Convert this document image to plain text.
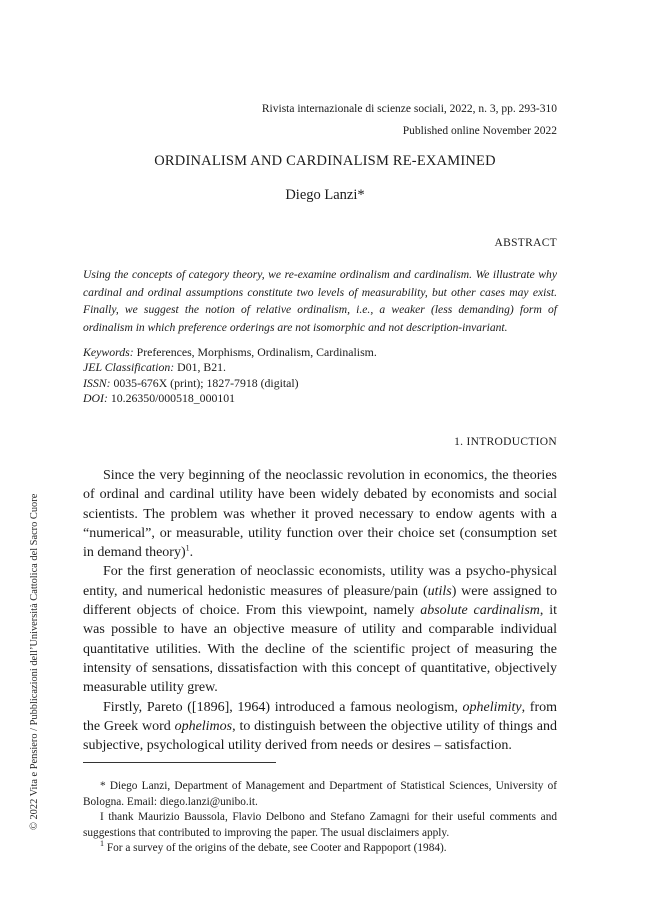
Rivista internazionale di scienze sociali, 2022, n. 3, pp. 293-310
Published online November 2022
ORDINALISM AND CARDINALISM RE-EXAMINED
Diego Lanzi*
ABSTRACT

Using the concepts of category theory, we re-examine ordinalism and cardinalism. We illustrate why cardinal and ordinal assumptions constitute two levels of measurability, but other cases may exist. Finally, we suggest the notion of relative ordinalism, i.e., a weaker (less demanding) form of ordinalism in which preference orderings are not isomorphic and not description-invariant.

Keywords: Preferences, Morphisms, Ordinalism, Cardinalism.
JEL Classification: D01, B21.
ISSN: 0035-676X (print); 1827-7918 (digital)
DOI: 10.26350/000518_000101
1. INTRODUCTION

Since the very beginning of the neoclassic revolution in economics, the theories of ordinal and cardinal utility have been widely debated by economists and social scientists. The problem was whether it proved necessary to endow agents with a “numerical”, or measurable, utility function over their choice set (consumption set in demand theory)$^1$.

For the first generation of neoclassic economists, utility was a psycho-physical entity, and numerical hedonistic measures of pleasure/pain (utils) were assigned to different objects of choice. From this viewpoint, namely absolute cardinalism, it was possible to have an objective measure of utility and comparable individual quantitative utilities. With the decline of the scientific project of measuring the intensity of sensations, dissatisfaction with this concept of quantitative, objectively measurable utility grew.

Firstly, Pareto ([1896], 1964) introduced a famous neologism, ophelimity, from the Greek word ophelimos, to distinguish between the objective utility of things and subjective, psychological utility derived from needs or desires – satisfaction.

* Diego Lanzi, Department of Management and Department of Statistical Sciences, University of Bologna. Email: diego.lanzi@unibo.it.

I thank Maurizio Baussola, Flavio Delbono and Stefano Zamagni for their useful comments and suggestions that contributed to improving the paper. The usual disclaimers apply.

$^1$ For a survey of the origins of the debate, see Cooter and Rappoport (1984).

© 2022 Vita e Pensiero / Pubblicazioni dell’Università Cattolica del Sacro Cuore
